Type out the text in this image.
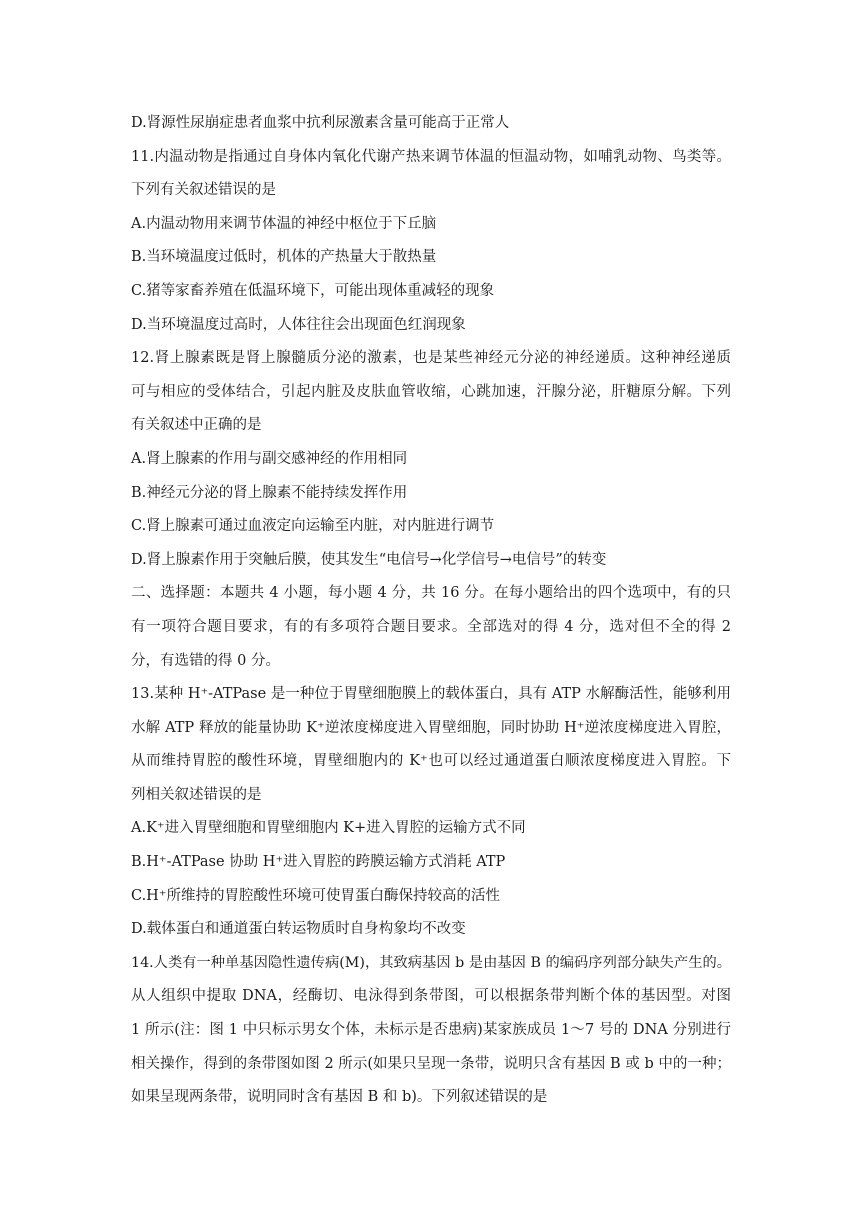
D.肾源性尿崩症患者血浆中抗利尿激素含量可能高于正常人
11.内温动物是指通过自身体内氧化代谢产热来调节体温的恒温动物，如哺乳动物、鸟类等。
下列有关叙述错误的是
A.内温动物用来调节体温的神经中枢位于下丘脑
B.当环境温度过低时，机体的产热量大于散热量
C.猪等家畜养殖在低温环境下，可能出现体重减轻的现象
D.当环境温度过高时，人体往往会出现面色红润现象
12.肾上腺素既是肾上腺髓质分泌的激素，也是某些神经元分泌的神经递质。这种神经递质
可与相应的受体结合，引起内脏及皮肤血管收缩，心跳加速，汗腺分泌，肝糖原分解。下列
有关叙述中正确的是
A.肾上腺素的作用与副交感神经的作用相同
B.神经元分泌的肾上腺素不能持续发挥作用
C.肾上腺素可通过血液定向运输至内脏，对内脏进行调节
D.肾上腺素作用于突触后膜，使其发生“电信号→化学信号→电信号”的转变
二、选择题：本题共 4 小题，每小题 4 分，共 16 分。在每小题给出的四个选项中，有的只
有一项符合题目要求，有的有多项符合题目要求。全部选对的得 4 分，选对但不全的得 2
分，有选错的得 0 分。
13.某种 H⁺-ATPase 是一种位于胃壁细胞膜上的载体蛋白，具有 ATP 水解酶活性，能够利用
水解 ATP 释放的能量协助 K⁺逆浓度梯度进入胃壁细胞，同时协助 H⁺逆浓度梯度进入胃腔，
从而维持胃腔的酸性环境，胃壁细胞内的 K⁺也可以经过通道蛋白顺浓度梯度进入胃腔。下
列相关叙述错误的是
A.K⁺进入胃壁细胞和胃壁细胞内 K+进入胃腔的运输方式不同
B.H⁺-ATPase 协助 H⁺进入胃腔的跨膜运输方式消耗 ATP
C.H⁺所维持的胃腔酸性环境可使胃蛋白酶保持较高的活性
D.载体蛋白和通道蛋白转运物质时自身构象均不改变
14.人类有一种单基因隐性遗传病(M)，其致病基因 b 是由基因 B 的编码序列部分缺失产生的。
从人组织中提取 DNA，经酶切、电泳得到条带图，可以根据条带判断个体的基因型。对图
1 所示(注：图 1 中只标示男女个体，未标示是否患病)某家族成员 1～7 号的 DNA 分别进行
相关操作，得到的条带图如图 2 所示(如果只呈现一条带，说明只含有基因 B 或 b 中的一种；
如果呈现两条带，说明同时含有基因 B 和 b)。下列叙述错误的是
